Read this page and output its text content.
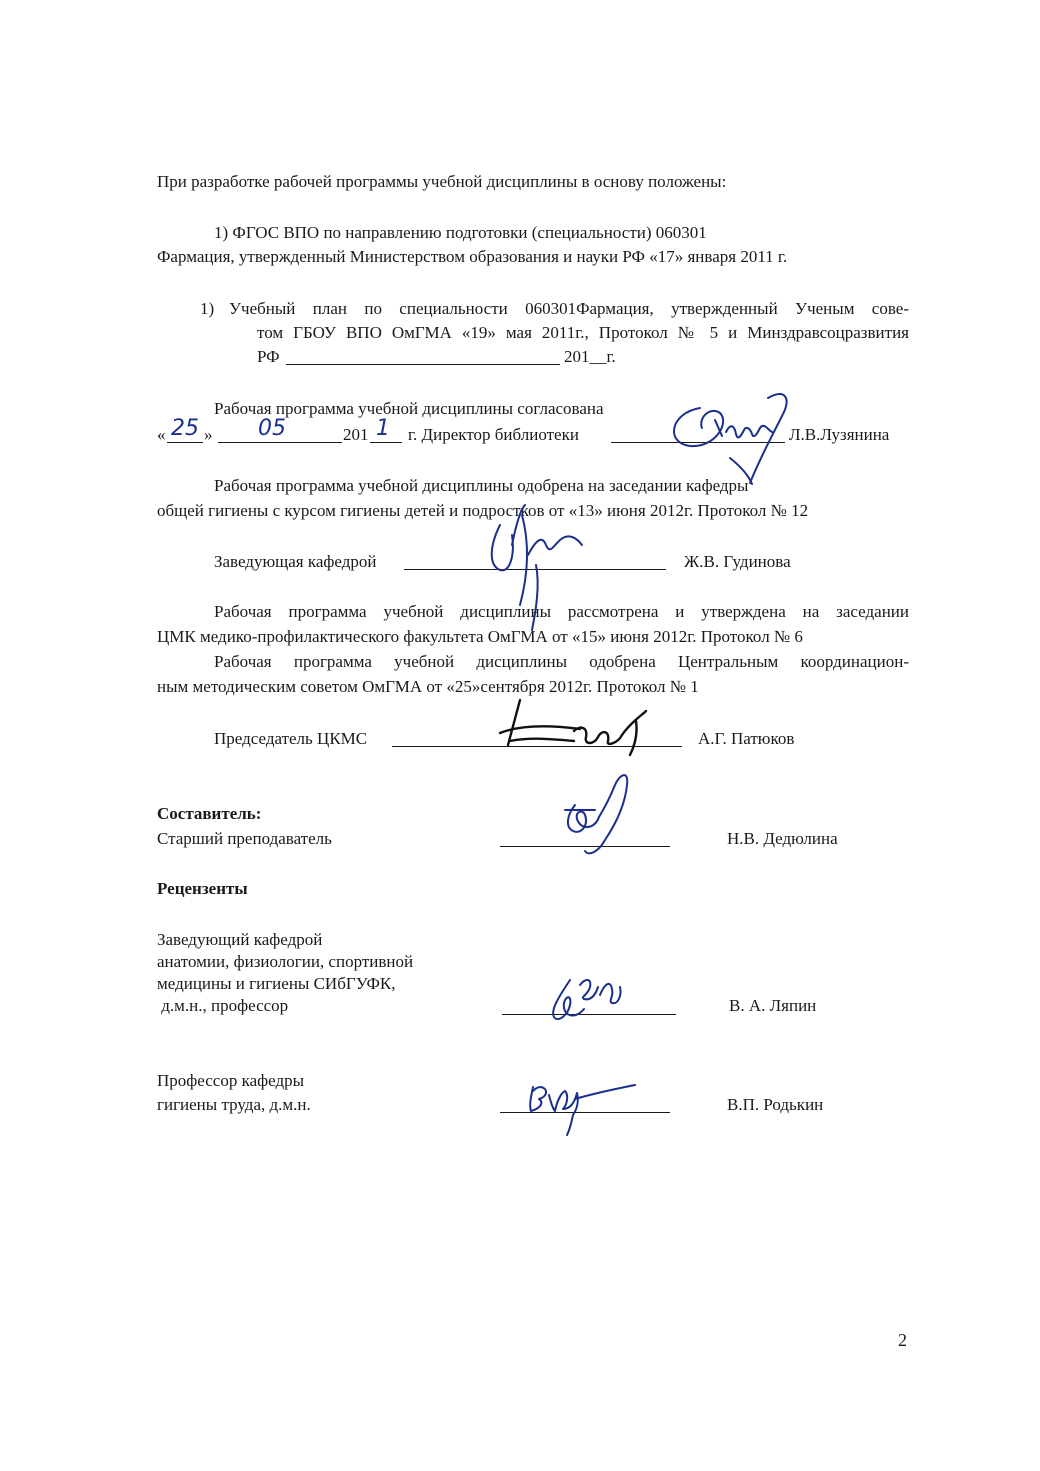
При разработке рабочей программы учебной дисциплины в основу положены:
1) ФГОС ВПО по направлению подготовки (специальности) 060301
Фармация, утвержденный Министерством образования и науки РФ «17» января 2011 г.
1) Учебный план по специальности 060301Фармация, утвержденный Ученым сове-
том ГБОУ ВПО ОмГМА «19» мая 2011г., Протокол № 5 и Минздравсоцразвития
РФ	201__г.
Рабочая программа учебной дисциплины согласована
« 25 » 05	201 1 г. Директор библиотеки	Л.В.Лузянина
Рабочая программа учебной дисциплины одобрена на заседании кафедры
общей гигиены с курсом гигиены детей и подростков от «13» июня 2012г. Протокол № 12
Заведующая кафедрой	Ж.В. Гудинова
Рабочая программа учебной дисциплины рассмотрена и утверждена на заседании
ЦМК медико-профилактического факультета ОмГМА от «15» июня 2012г. Протокол № 6
Рабочая программа учебной дисциплины одобрена Центральным координацион-
ным методическим советом ОмГМА от «25»сентября 2012г. Протокол № 1
Председатель ЦКМС	А.Г. Патюков
Составитель:
Старший преподаватель	Н.В. Дедюлина
Рецензенты
Заведующий кафедрой
анатомии, физиологии, спортивной
медицины и гигиены СИбГУФК,
д.м.н., профессор	В. А. Ляпин
Профессор кафедры
гигиены труда, д.м.н.	В.П. Родькин
2
